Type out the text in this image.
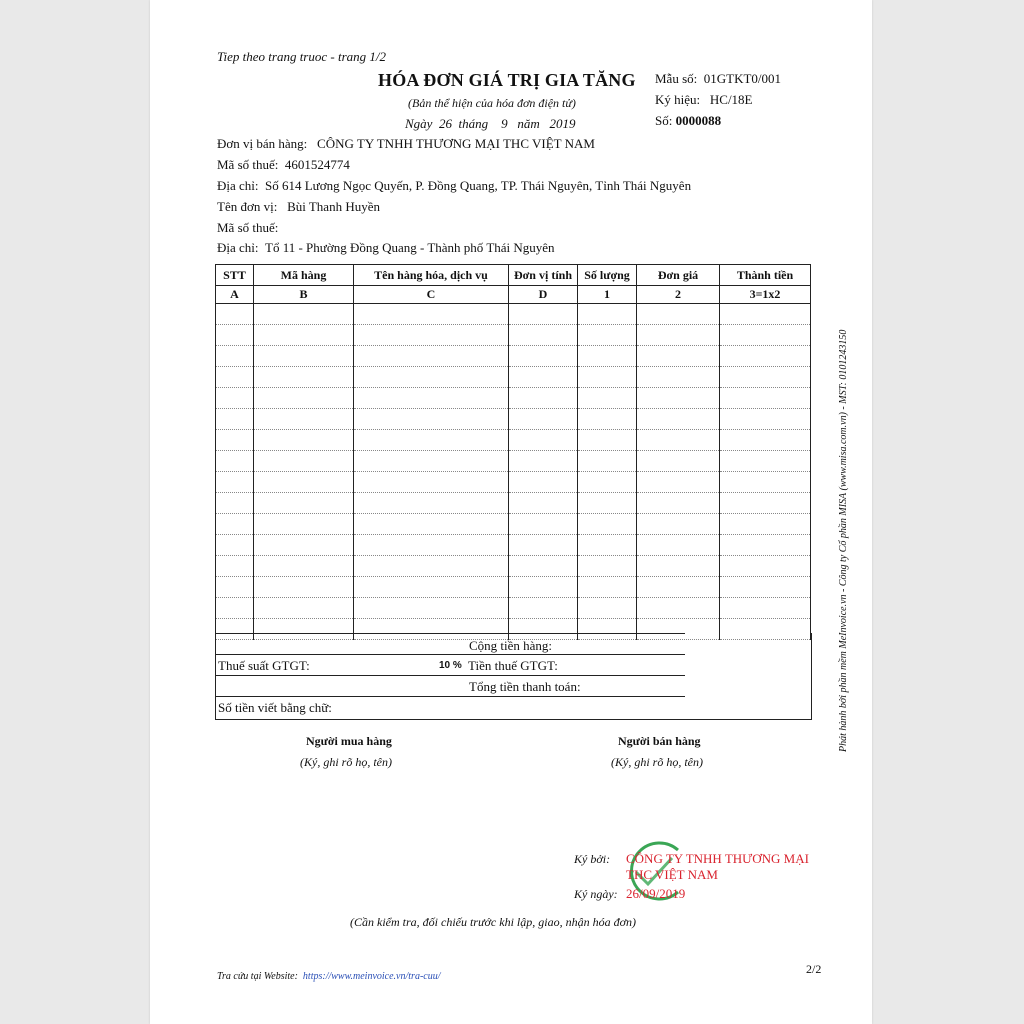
Tiep theo trang truoc - trang 1/2
HÓA ĐƠN GIÁ TRỊ GIA TĂNG
(Bản thể hiện của hóa đơn điện tử)
Ngày 26 tháng 9 năm 2019
Mẫu số: 01GTKT0/001
Ký hiệu: HC/18E
Số: 0000088
Đơn vị bán hàng: CÔNG TY TNHH THƯƠNG MẠI THC VIỆT NAM
Mã số thuế: 4601524774
Địa chỉ: Số 614 Lương Ngọc Quyến, P. Đồng Quang, TP. Thái Nguyên, Tỉnh Thái Nguyên
Tên đơn vị: Bùi Thanh Huyền
Mã số thuế:
Địa chỉ: Tổ 11 - Phường Đồng Quang - Thành phố Thái Nguyên
STT	Mã hàng	Tên hàng hóa, dịch vụ	Đơn vị tính	Số lượng	Đơn giá	Thành tiền
A	B	C	D	1	2	3=1x2

Cộng tiền hàng:
Thuế suất GTGT:	10 % Tiền thuế GTGT:
Tổng tiền thanh toán:
Số tiền viết bằng chữ:
Người mua hàng
(Ký, ghi rõ họ, tên)
Người bán hàng
(Ký, ghi rõ họ, tên)
Ký bởi: CÔNG TY TNHH THƯƠNG MẠI
THC VIỆT NAM
Ký ngày: 26/09/2019
(Cần kiểm tra, đối chiếu trước khi lập, giao, nhận hóa đơn)
Tra cứu tại Website: https://www.meinvoice.vn/tra-cuu/
2/2
Phát hành bởi phần mềm MeInvoice.vn - Công ty Cổ phần MISA (www.misa.com.vn) - MST: 0101243150
